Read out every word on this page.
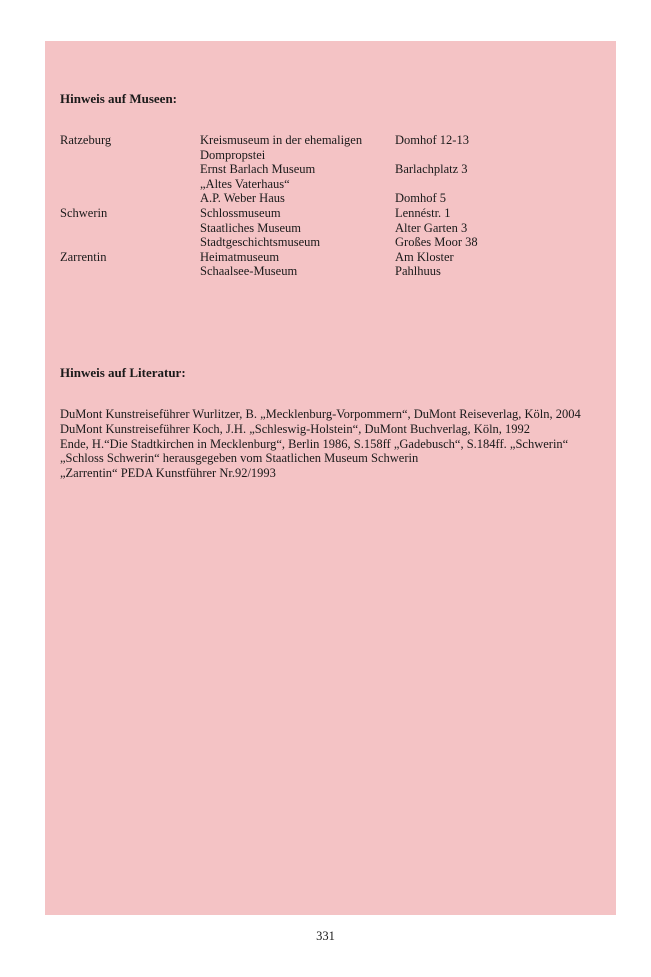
Hinweis auf Museen:
Ratzeburg	Kreismuseum in der ehemaligen	Domhof 12-13
	Dompropstei	
	Ernst Barlach Museum	Barlachplatz 3
	„Altes Vaterhaus“	
	A.P. Weber Haus	Domhof 5
Schwerin	Schlossmuseum	Lennéstr. 1
	Staatliches Museum	Alter Garten 3
	Stadtgeschichtsmuseum	Großes Moor 38
Zarrentin	Heimatmuseum	Am Kloster
	Schaalsee-Museum	Pahlhuus
Hinweis auf Literatur:
DuMont Kunstreiseführer Wurlitzer, B. „Mecklenburg-Vorpommern“, DuMont Reiseverlag, Köln, 2004
DuMont Kunstreiseführer Koch, J.H. „Schleswig-Holstein“, DuMont Buchverlag, Köln, 1992
Ende, H.“Die Stadtkirchen in Mecklenburg“, Berlin 1986, S.158ff „Gadebusch“, S.184ff. „Schwerin“
„Schloss Schwerin“ herausgegeben vom Staatlichen Museum Schwerin
„Zarrentin“ PEDA Kunstführer Nr.92/1993
331
